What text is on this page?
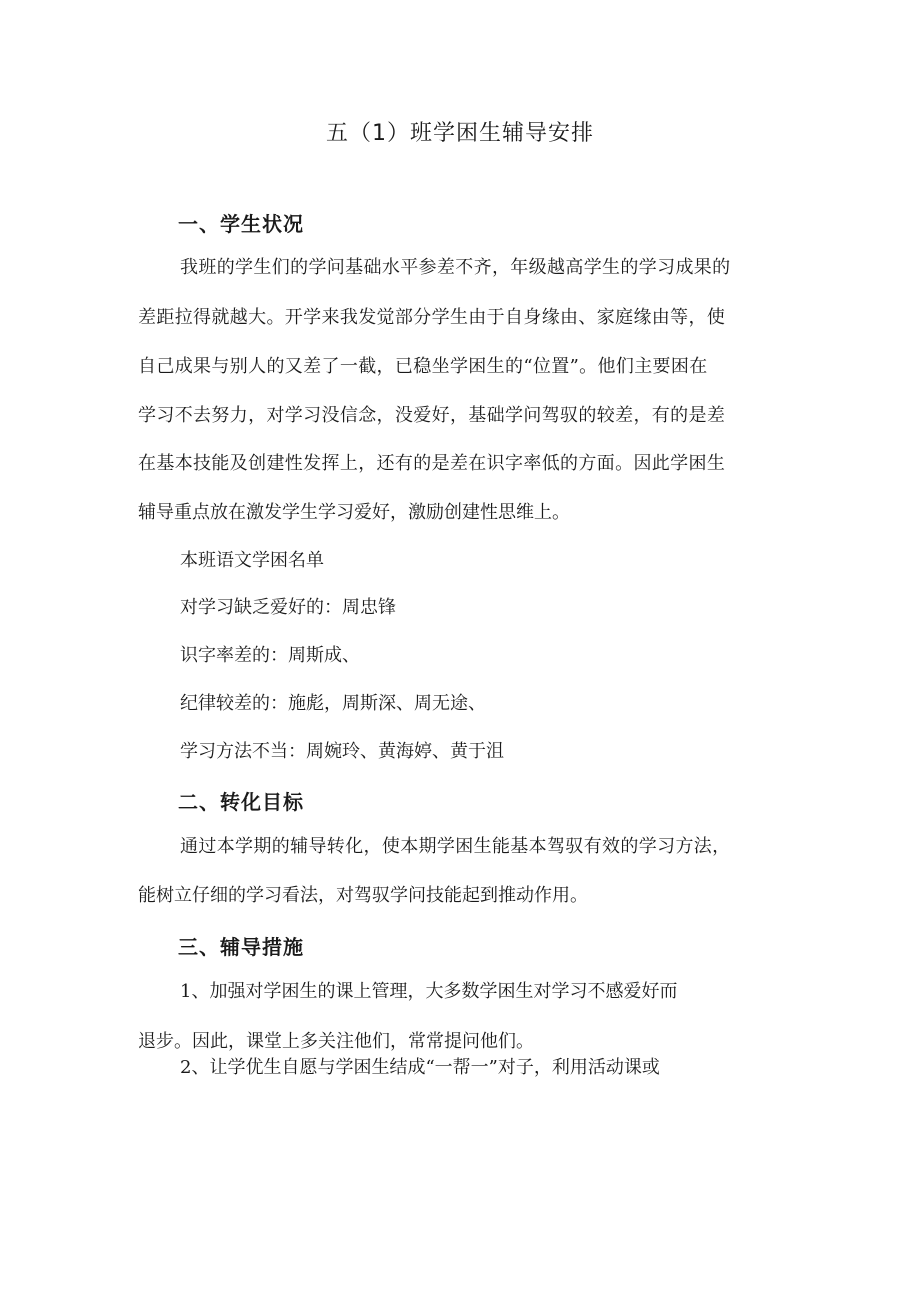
五（1）班学困生辅导安排
一、学生状况

我班的学生们的学问基础水平参差不齐，年级越高学生的学习成果的

差距拉得就越大。开学来我发觉部分学生由于自身缘由、家庭缘由等，使

自己成果与别人的又差了一截，已稳坐学困生的“位置”。他们主要困在

学习不去努力，对学习没信念，没爱好，基础学问驾驭的较差，有的是差

在基本技能及创建性发挥上，还有的是差在识字率低的方面。因此学困生

辅导重点放在激发学生学习爱好，激励创建性思维上。

本班语文学困名单

对学习缺乏爱好的：周忠锋

识字率差的：周斯成、

纪律较差的：施彪，周斯深、周无途、

学习方法不当：周婉玲、黄海婷、黄于沮

二、转化目标

通过本学期的辅导转化，使本期学困生能基本驾驭有效的学习方法，

能树立仔细的学习看法，对驾驭学问技能起到推动作用。

三、辅导措施

1、加强对学困生的课上管理，大多数学困生对学习不感爱好而

退步。因此，课堂上多关注他们，常常提问他们。

2、让学优生自愿与学困生结成“一帮一”对子，利用活动课或
